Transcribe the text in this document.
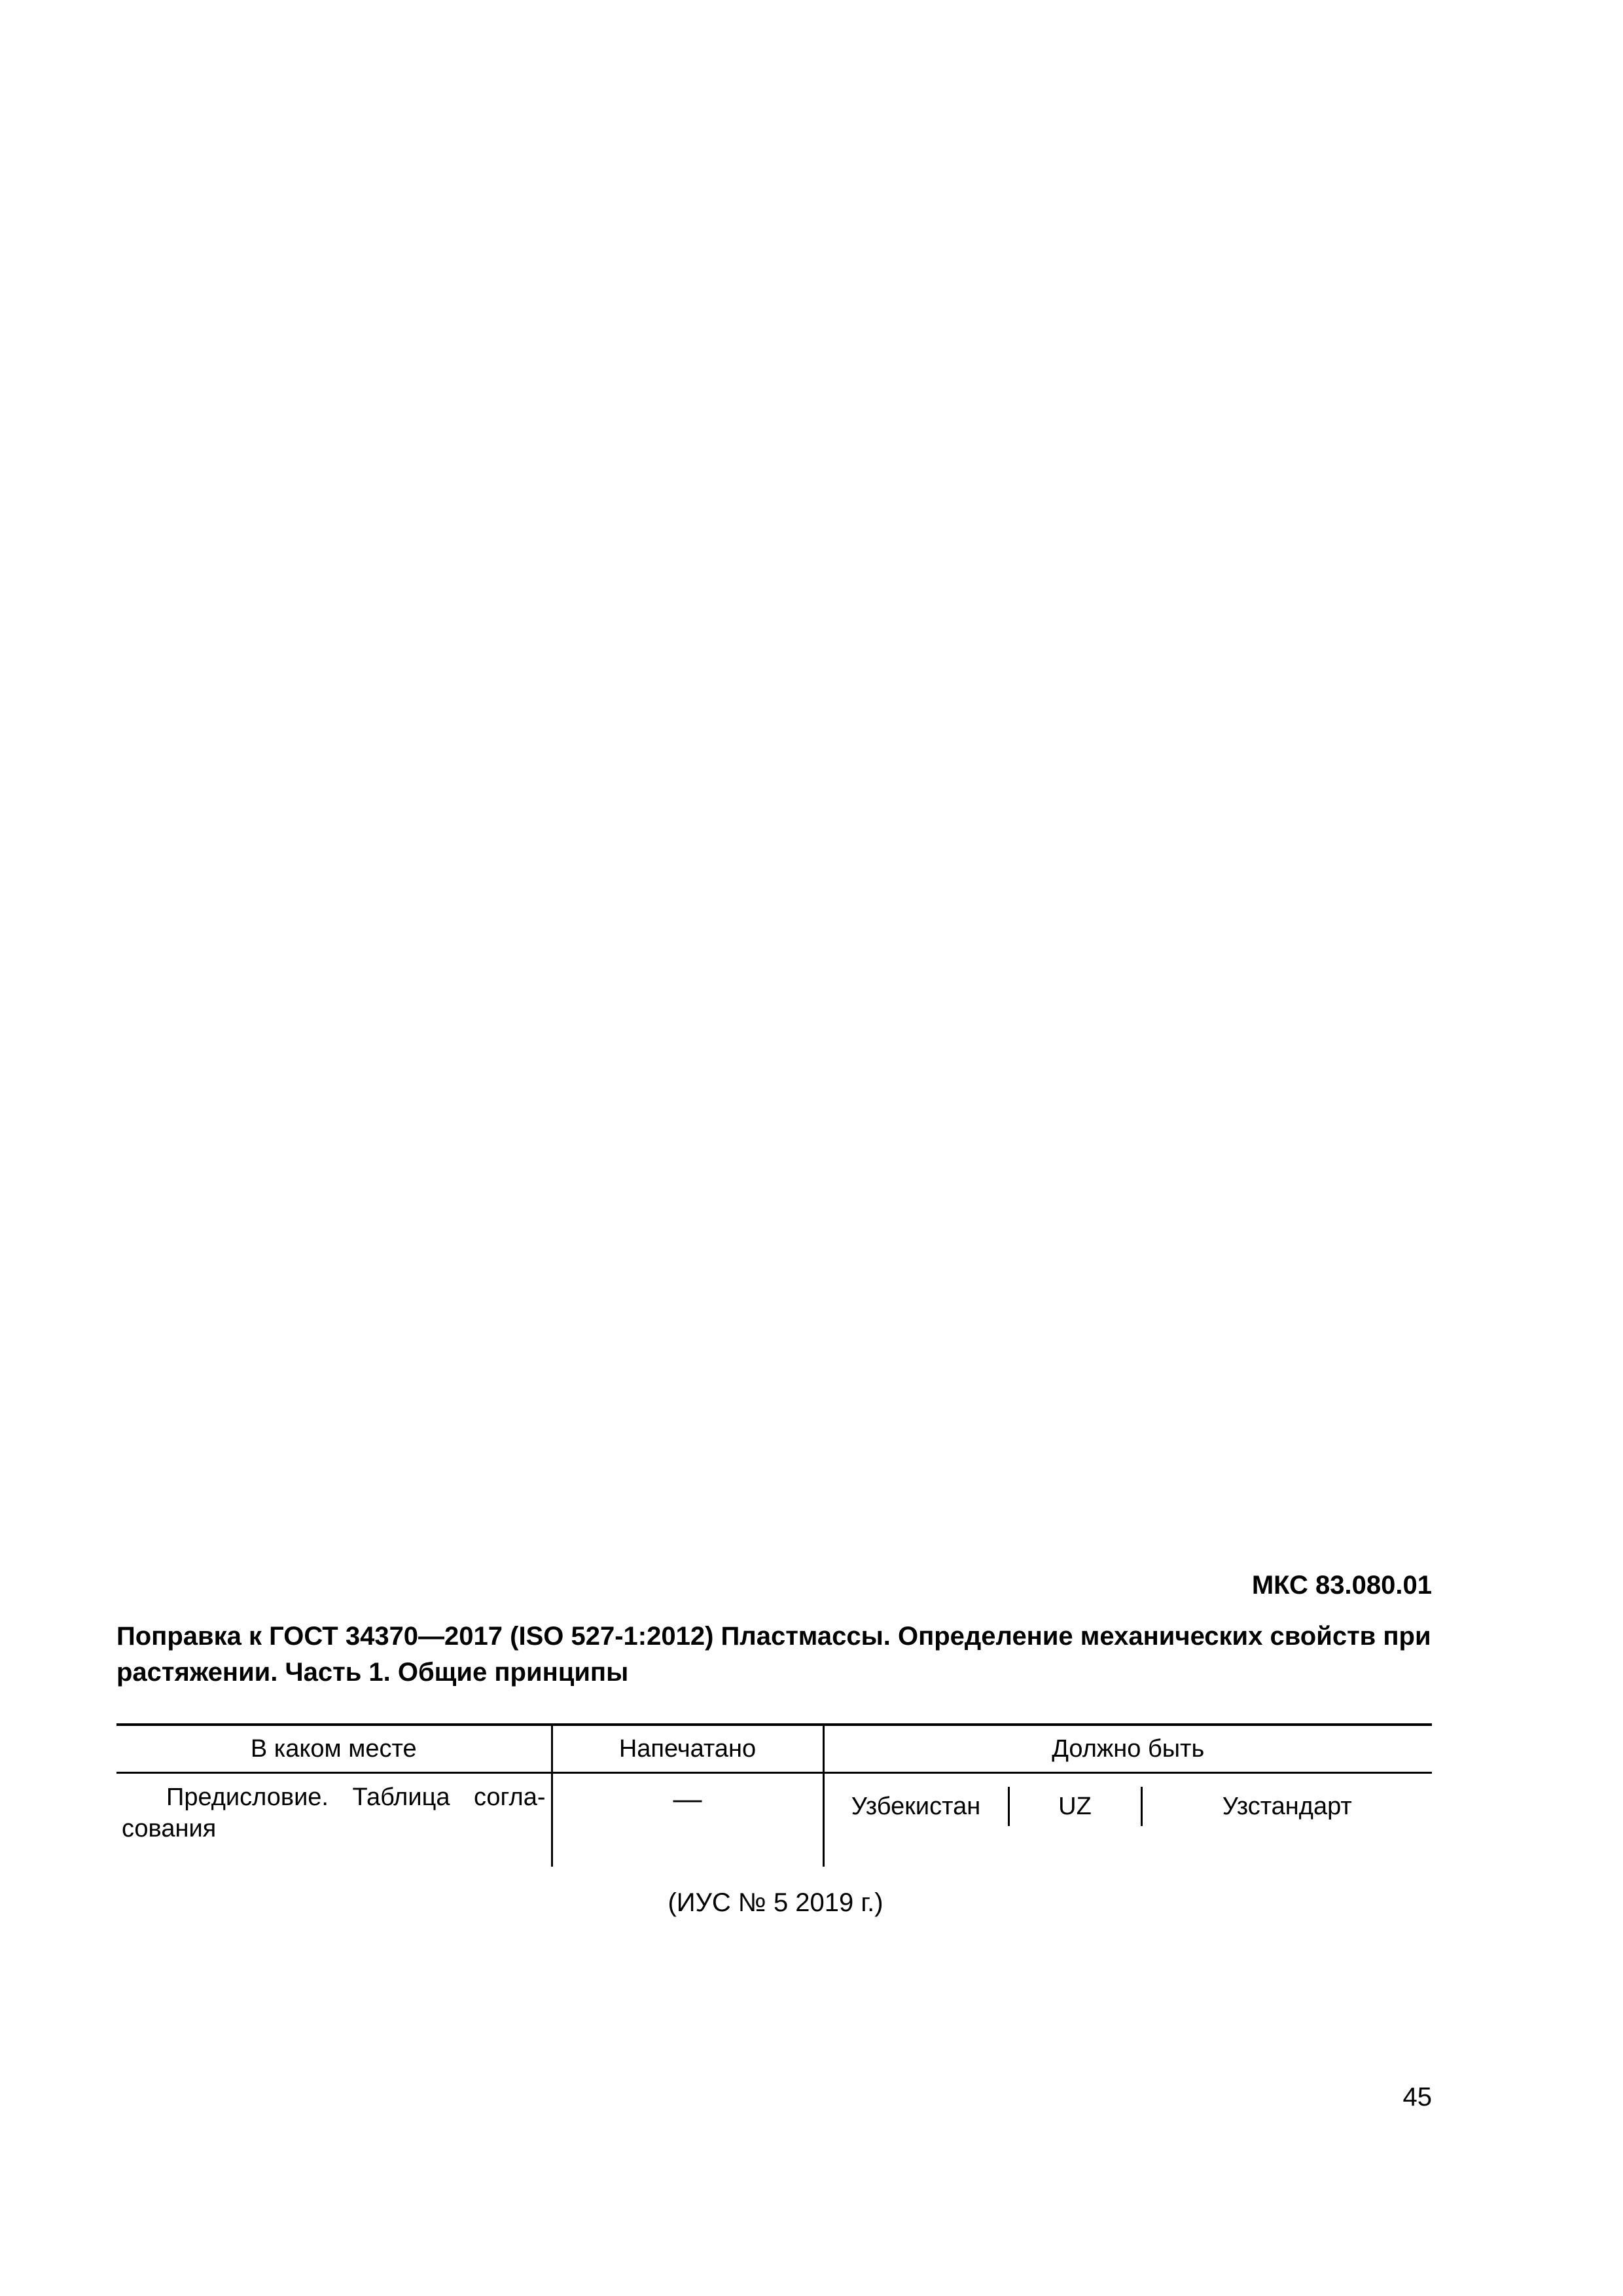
МКС 83.080.01
Поправка к ГОСТ 34370—2017 (ISO 527-1:2012) Пластмассы. Определение механических свойств при растяжении. Часть 1. Общие принципы
В каком месте	Напечатано	Должно быть
Предисловие. Таблица согла-сования	—	Узбекистан UZ Узстандарт
(ИУС № 5 2019 г.)
45
